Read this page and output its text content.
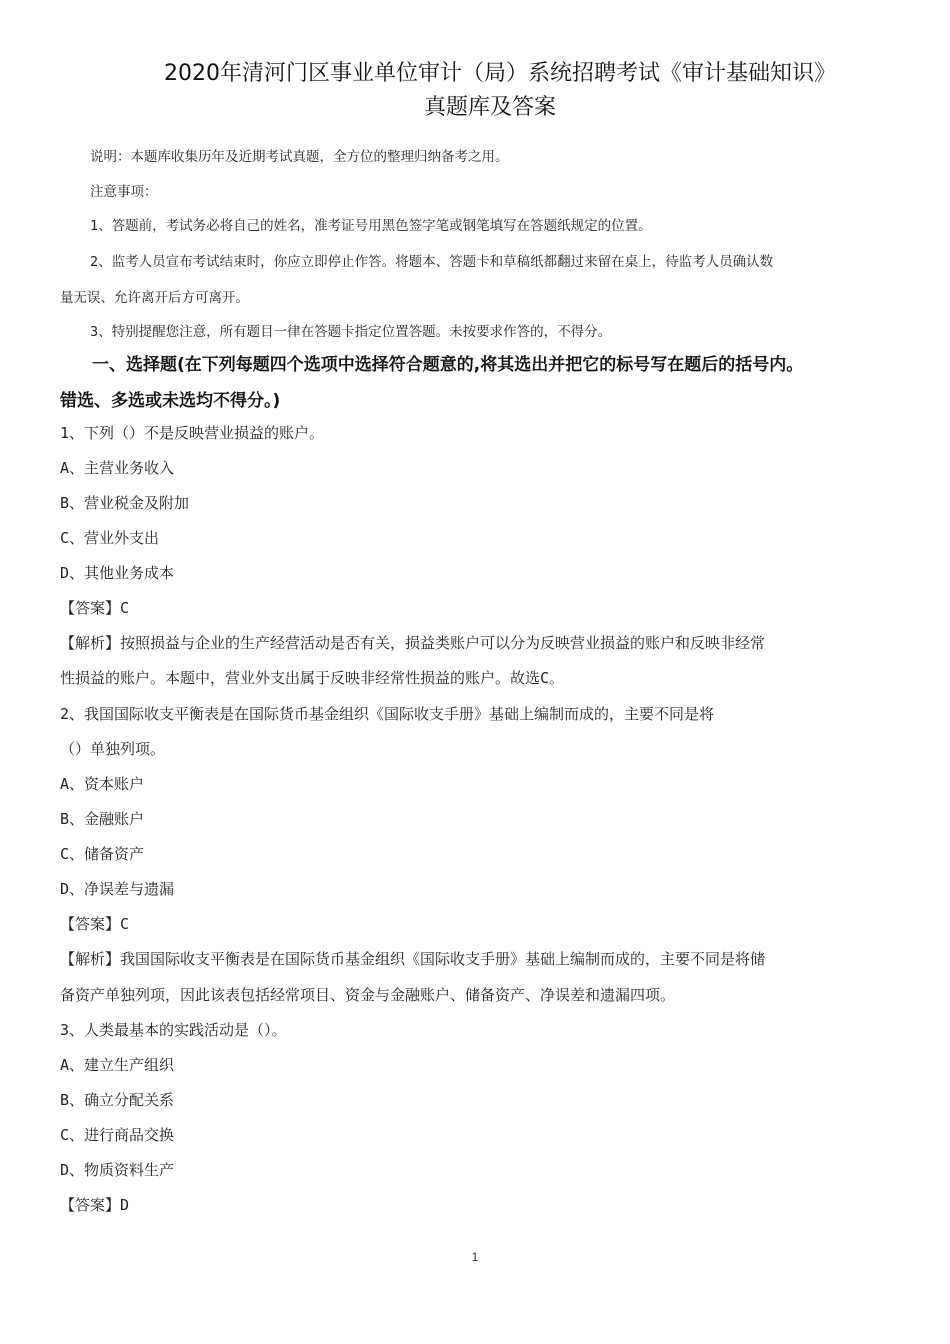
2020年清河门区事业单位审计（局）系统招聘考试《审计基础知识》
真题库及答案
说明：本题库收集历年及近期考试真题，全方位的整理归纳备考之用。
注意事项：
1、答题前，考试务必将自己的姓名，准考证号用黑色签字笔或钢笔填写在答题纸规定的位置。
2、监考人员宣布考试结束时，你应立即停止作答。将题本、答题卡和草稿纸都翻过来留在桌上，待监考人员确认数
量无误、允许离开后方可离开。
3、特别提醒您注意，所有题目一律在答题卡指定位置答题。未按要求作答的，不得分。
一、选择题(在下列每题四个选项中选择符合题意的,将其选出并把它的标号写在题后的括号内。
错选、多选或未选均不得分。)
1、下列（）不是反映营业损益的账户。
A、主营业务收入
B、营业税金及附加
C、营业外支出
D、其他业务成本
【答案】C
【解析】按照损益与企业的生产经营活动是否有关，损益类账户可以分为反映营业损益的账户和反映非经常
性损益的账户。本题中，营业外支出属于反映非经常性损益的账户。故选C。
2、我国国际收支平衡表是在国际货币基金组织《国际收支手册》基础上编制而成的，主要不同是将
（）单独列项。
A、资本账户
B、金融账户
C、储备资产
D、净误差与遗漏
【答案】C
【解析】我国国际收支平衡表是在国际货币基金组织《国际收支手册》基础上编制而成的，主要不同是将储
备资产单独列项，因此该表包括经常项目、资金与金融账户、储备资产、净误差和遗漏四项。
3、人类最基本的实践活动是（）。
A、建立生产组织
B、确立分配关系
C、进行商品交换
D、物质资料生产
【答案】D
1
